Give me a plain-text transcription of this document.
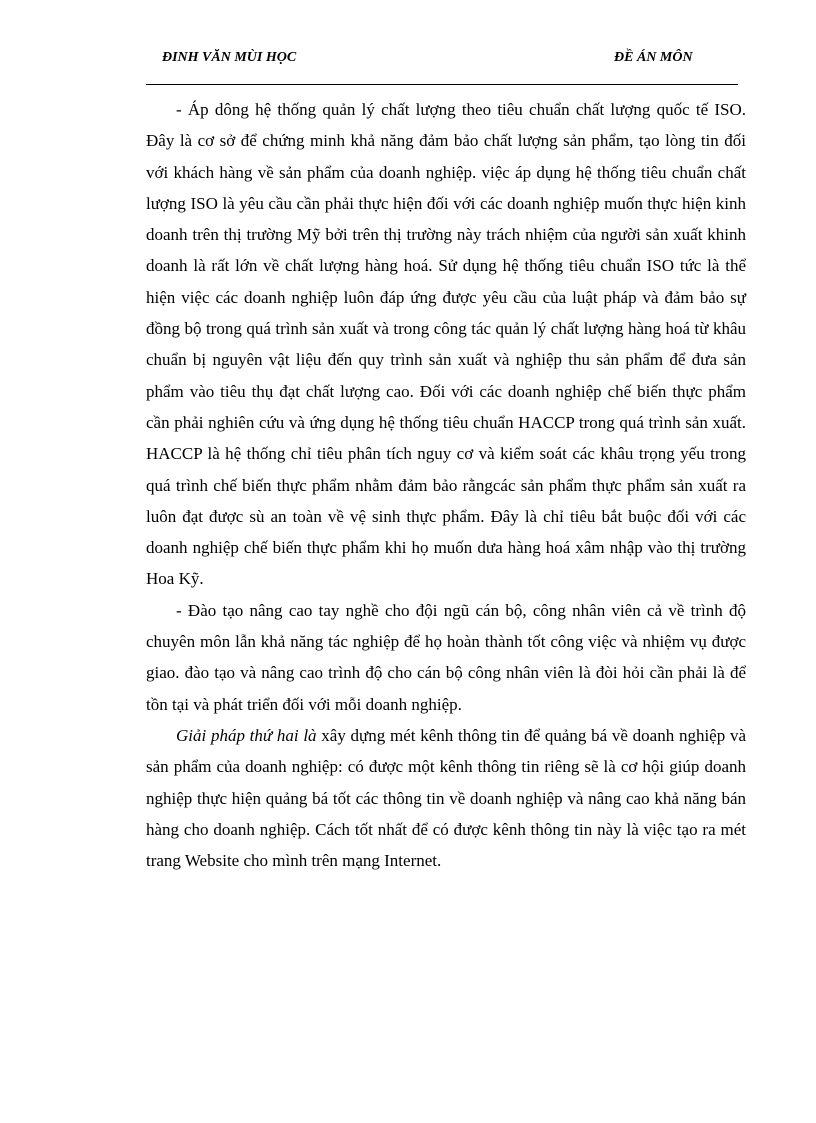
ĐINH VĂN MÙI HỌC	ĐỀ ÁN MÔN

- Áp dông hệ thống quản lý chất lượng theo tiêu chuẩn chất lượng quốc tế ISO. Đây là cơ sở để chứng minh khả năng đảm bảo chất lượng sản phẩm, tạo lòng tin đối với khách hàng về sản phẩm của doanh nghiệp. việc áp dụng hệ thống tiêu chuẩn chất lượng ISO là yêu cầu cần phải thực hiện đối với các doanh nghiệp muốn thực hiện kinh doanh trên thị trường Mỹ bởi trên thị trường này trách nhiệm của người sản xuất khinh doanh là rất lớn về chất lượng hàng hoá. Sử dụng hệ thống tiêu chuẩn ISO tức là thể hiện việc các doanh nghiệp luôn đáp ứng được yêu cầu của luật pháp và đảm bảo sự đồng bộ trong quá trình sản xuất và trong công tác quản lý chất lượng hàng hoá từ khâu chuẩn bị nguyên vật liệu đến quy trình sản xuất và nghiệp thu sản phẩm để đưa sản phẩm vào tiêu thụ đạt chất lượng cao. Đối với các doanh nghiệp chế biến thực phẩm cần phải nghiên cứu và ứng dụng hệ thống tiêu chuẩn HACCP trong quá trình sản xuất. HACCP là hệ thống chỉ tiêu phân tích nguy cơ và kiểm soát các khâu trọng yếu trong quá trình chế biến thực phẩm nhằm đảm bảo rằngcác sản phẩm thực phẩm sản xuất ra luôn đạt được sù an toàn về vệ sinh thực phẩm. Đây là chỉ tiêu bắt buộc đối với các doanh nghiệp chế biến thực phẩm khi họ muốn dưa hàng hoá xâm nhập vào thị trường Hoa Kỹ.

- Đào tạo nâng cao tay nghề cho đội ngũ cán bộ, công nhân viên cả về trình độ chuyên môn lẫn khả năng tác nghiệp để họ hoàn thành tốt công việc và nhiệm vụ được giao. đào tạo và nâng cao trình độ cho cán bộ công nhân viên là đòi hỏi cần phải là để tồn tại và phát triển đối với mỗi doanh nghiệp.

Giải pháp thứ hai là xây dựng mét kênh thông tin để quảng bá về doanh nghiệp và sản phẩm của doanh nghiệp: có được một kênh thông tin riêng sẽ là cơ hội giúp doanh nghiệp thực hiện quảng bá tốt các thông tin về doanh nghiệp và nâng cao khả năng bán hàng cho doanh nghiệp. Cách tốt nhất để có được kênh thông tin này là việc tạo ra mét trang Website cho mình trên mạng Internet.
